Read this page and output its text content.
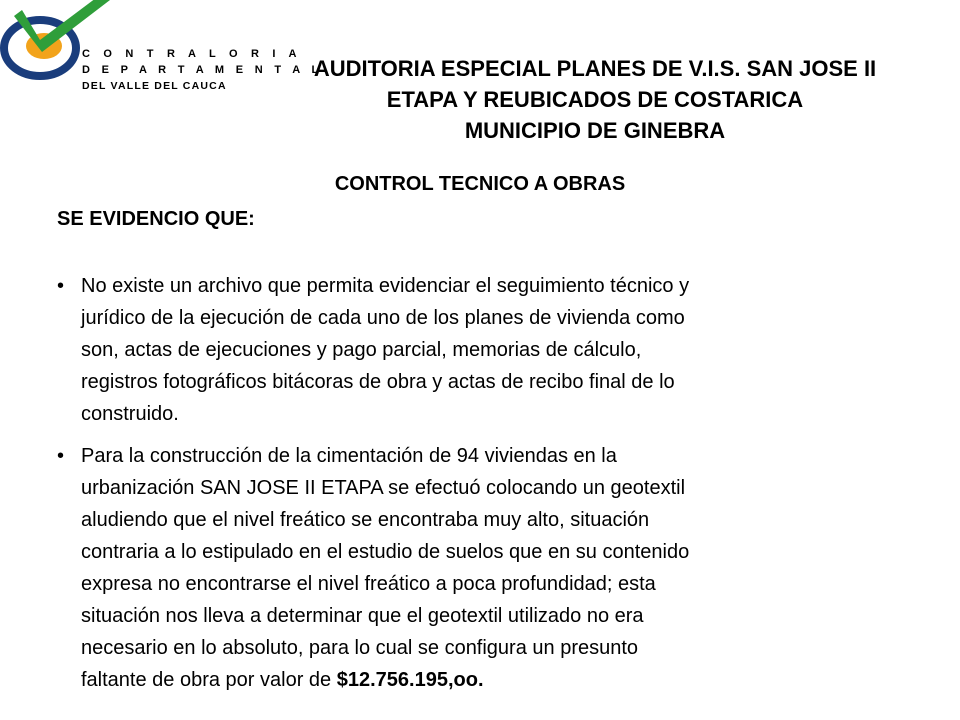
C O N T R A L O R I A
D E P A R T A M E N T A L
DEL VALLE DEL CAUCA
AUDITORIA ESPECIAL PLANES DE V.I.S. SAN JOSE II
ETAPA Y REUBICADOS DE COSTARICA
MUNICIPIO DE GINEBRA
CONTROL TECNICO A OBRAS
SE EVIDENCIO QUE:
• No existe un archivo que permita evidenciar el seguimiento técnico y
jurídico de la ejecución de cada uno de los planes de vivienda como
son, actas de ejecuciones y pago parcial, memorias de cálculo,
registros fotográficos bitácoras de obra y actas de recibo final de lo
construido.
• Para la construcción de la cimentación de 94 viviendas en la
urbanización SAN JOSE II ETAPA se efectuó colocando un geotextil
aludiendo que el nivel freático se encontraba muy alto, situación
contraria a lo estipulado en el estudio de suelos que en su contenido
expresa no encontrarse el nivel freático a poca profundidad; esta
situación nos lleva a determinar que el geotextil utilizado no era
necesario en lo absoluto, para lo cual se configura un presunto
faltante de obra por valor de $12.756.195,oo.
